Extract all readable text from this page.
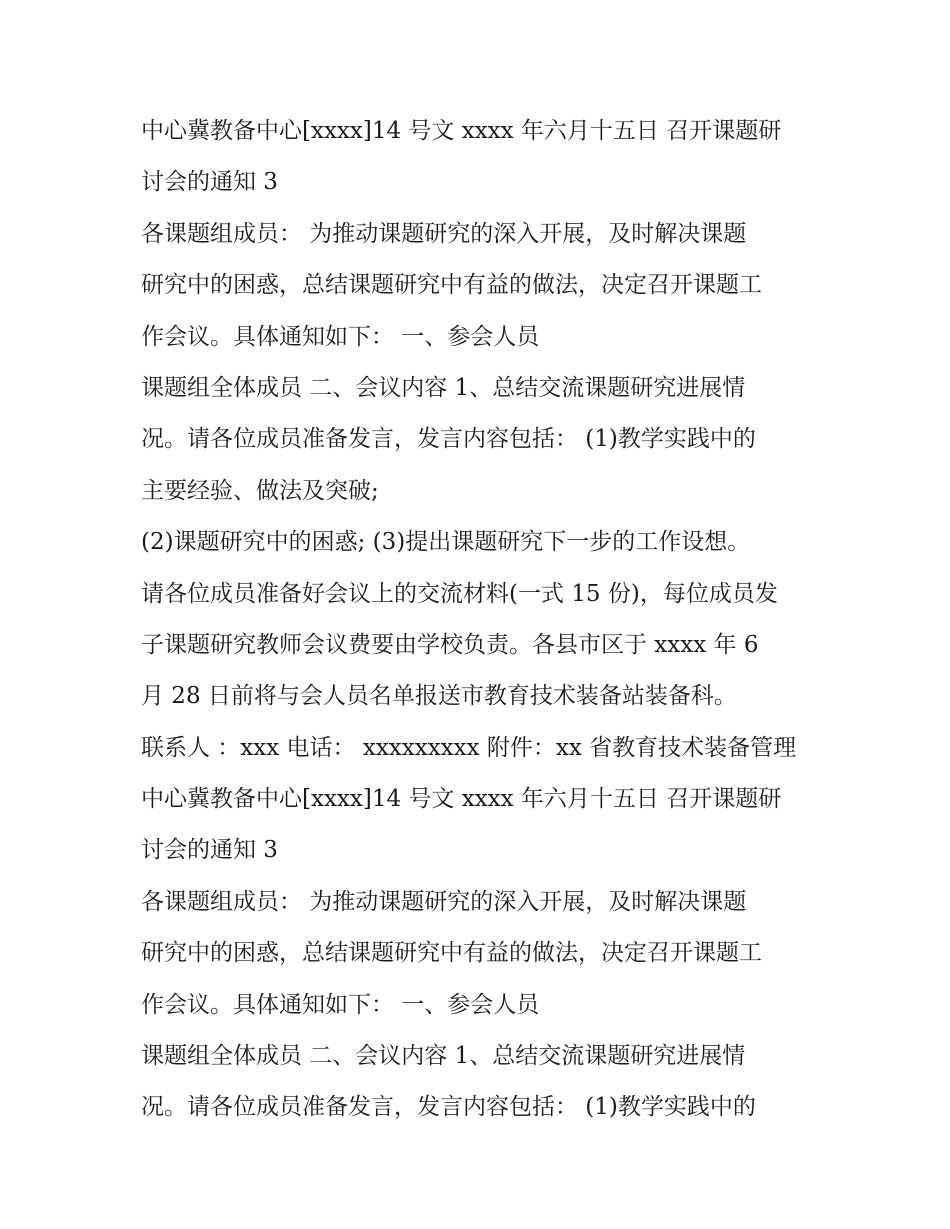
中心冀教备中心[xxxx]14 号文 xxxx 年六月十五日 召开课题研
讨会的通知 3
各课题组成员： 为推动课题研究的深入开展，及时解决课题
研究中的困惑，总结课题研究中有益的做法，决定召开课题工
作会议。具体通知如下： 一、参会人员
课题组全体成员 二、会议内容 1、总结交流课题研究进展情
况。请各位成员准备发言，发言内容包括： (1)教学实践中的
主要经验、做法及突破;
(2)课题研究中的困惑; (3)提出课题研究下一步的工作设想。
请各位成员准备好会议上的交流材料(一式 15 份)，每位成员发
子课题研究教师会议费要由学校负责。各县市区于 xxxx 年 6
月 28 日前将与会人员名单报送市教育技术装备站装备科。
联系人 ：xxx 电话： xxxxxxxxx 附件：xx 省教育技术装备管理
中心冀教备中心[xxxx]14 号文 xxxx 年六月十五日 召开课题研
讨会的通知 3
各课题组成员： 为推动课题研究的深入开展，及时解决课题
研究中的困惑，总结课题研究中有益的做法，决定召开课题工
作会议。具体通知如下： 一、参会人员
课题组全体成员 二、会议内容 1、总结交流课题研究进展情
况。请各位成员准备发言，发言内容包括： (1)教学实践中的
